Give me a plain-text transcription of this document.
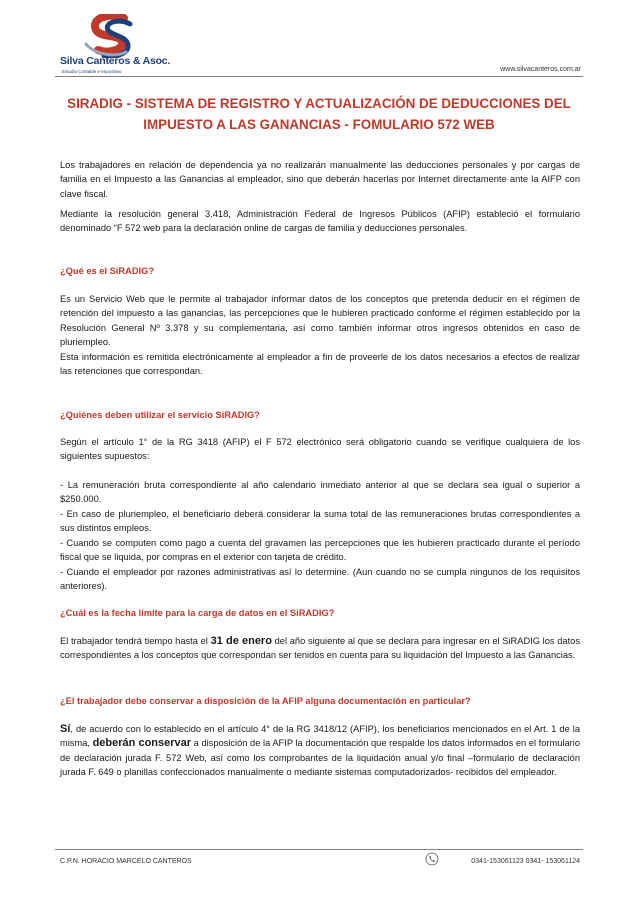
Silva Canteros & Asoc.
Estudio Contable e Impositivo	www.silvacanteros.com.ar
SIRADIG - SISTEMA DE REGISTRO Y ACTUALIZACIÓN DE DEDUCCIONES DEL IMPUESTO A LAS GANANCIAS - FOMULARIO 572 WEB

Los trabajadores en relación de dependencia ya no realizarán manualmente las deducciones personales y por cargas de familia en el Impuesto a las Ganancias al empleador, sino que deberán hacerlas por Internet directamente ante la AIFP con clave fiscal.

Mediante la resolución general 3.418, Administración Federal de Ingresos Públicos (AFIP) estableció el formulario denominado “F 572 web para la declaración online de cargas de familia y deducciones personales.

¿Qué es el SiRADIG?

Es un Servicio Web que le permite al trabajador informar datos de los conceptos que pretenda deducir en el régimen de retención del impuesto a las ganancias, las percepciones que le hubieren practicado conforme el régimen establecido por la Resolución General Nº 3.378 y su complementaria, así como también informar otros ingresos obtenidos en caso de pluriempleo.

Esta información es remitida electrónicamente al empleador a fin de proveerle de los datos necesarios a efectos de realizar las retenciones que correspondan.

¿Quiénes deben utilizar el servicio SiRADIG?

Según el artículo 1° de la RG 3418 (AFIP) el F 572 electrónico será obligatorio cuando se verifique cualquiera de los siguientes supuestos:

- La remuneración bruta correspondiente al año calendario inmediato anterior al que se declara sea igual o superior a $250.000.

- En caso de pluriempleo, el beneficiario deberá considerar la suma total de las remuneraciones brutas correspondientes a sus distintos empleos.

- Cuando se computen como pago a cuenta del gravamen las percepciones que les hubieren practicado durante el período fiscal que se liquida, por compras en el exterior con tarjeta de crédito.

- Cuando el empleador por razones administrativas así lo determine. (Aun cuando no se cumpla ningunos de los requisitos anteriores).

¿Cuál es la fecha límite para la carga de datos en el SiRADIG?

El trabajador tendrá tiempo hasta el 31 de enero del año siguiente al que se declara para ingresar en el SiRADIG los datos correspondientes a los conceptos que correspondan ser tenidos en cuenta para su liquidación del Impuesto a las Ganancias.

¿El trabajador debe conservar a disposición de la AFIP alguna documentación en particular?

Sí, de acuerdo con lo establecido en el artículo 4° de la RG 3418/12 (AFIP), los beneficiarios mencionados en el Art. 1 de la misma, deberán conservar a disposición de la AFIP la documentación que respalde los datos informados en el formulario de declaración jurada F. 572 Web, así como los comprobantes de la liquidación anual y/o final –formulario de declaración jurada F. 649 o planillas confeccionados manualmente o mediante sistemas computadorizados- recibidos del empleador.

C.P.N. HORACIO MARCELO CANTEROS	0341-153061123 0341- 153061124
